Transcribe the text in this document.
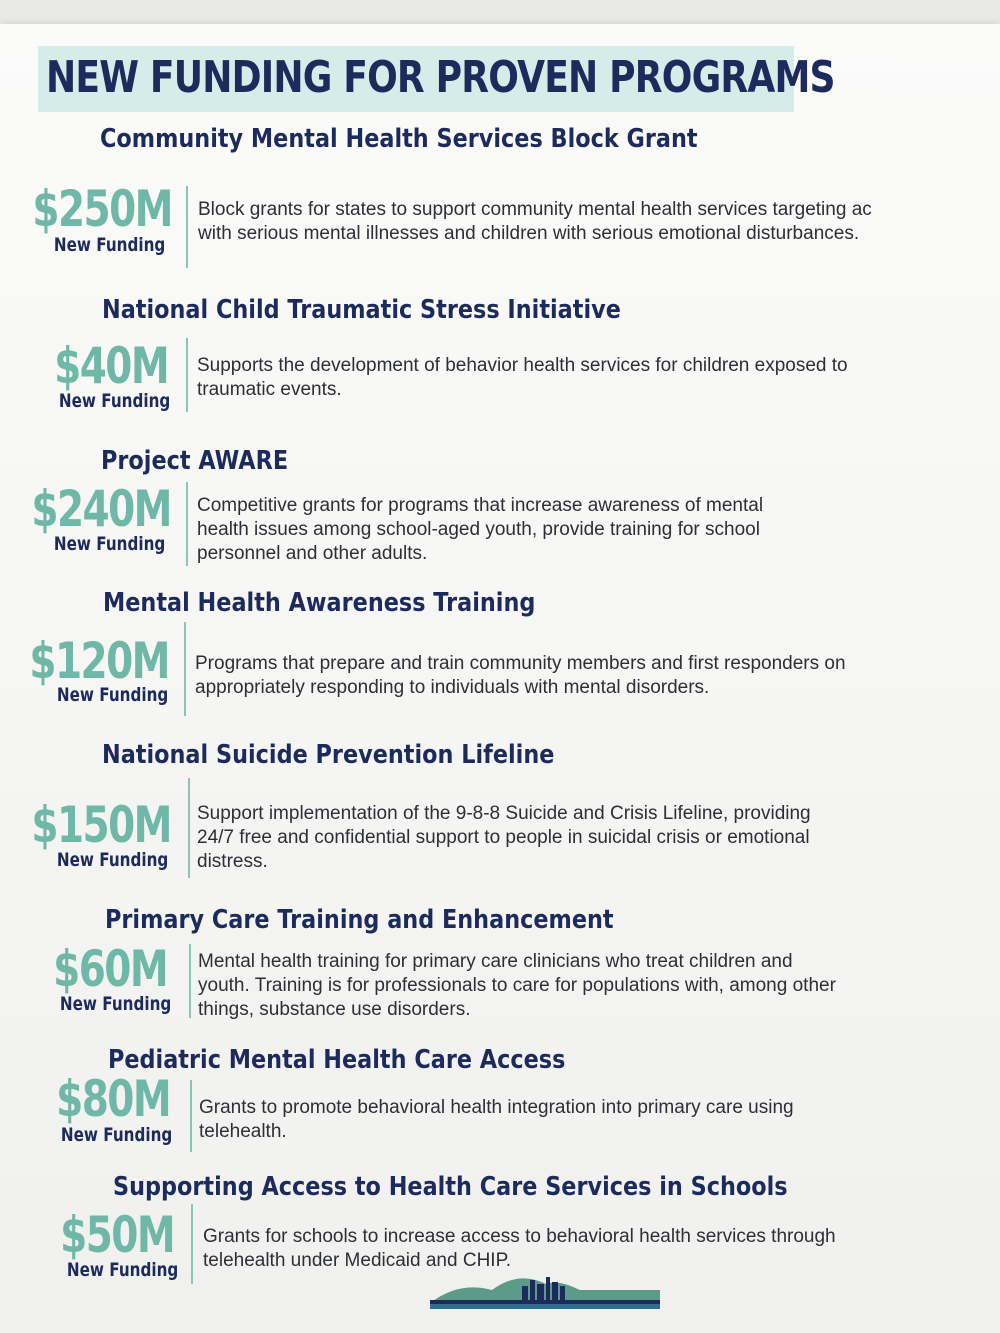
NEW FUNDING FOR PROVEN PROGRAMS
Community Mental Health Services Block Grant
$250M
New Funding

Block grants for states to support community mental health services targeting ac
with serious mental illnesses and children with serious emotional disturbances.

National Child Traumatic Stress Initiative
$40M
New Funding

Supports the development of behavior health services for children exposed to
traumatic events.

Project AWARE
$240M
New Funding

Competitive grants for programs that increase awareness of mental
health issues among school-aged youth, provide training for school
personnel and other adults.

Mental Health Awareness Training
$120M
New Funding

Programs that prepare and train community members and first responders on
appropriately responding to individuals with mental disorders.

National Suicide Prevention Lifeline
$150M
New Funding

Support implementation of the 9-8-8 Suicide and Crisis Lifeline, providing
24/7 free and confidential support to people in suicidal crisis or emotional
distress.

Primary Care Training and Enhancement
$60M
New Funding

Mental health training for primary care clinicians who treat children and
youth. Training is for professionals to care for populations with, among other
things, substance use disorders.

Pediatric Mental Health Care Access
$80M
New Funding

Grants to promote behavioral health integration into primary care using
telehealth.

Supporting Access to Health Care Services in Schools
$50M
New Funding

Grants for schools to increase access to behavioral health services through
telehealth under Medicaid and CHIP.
